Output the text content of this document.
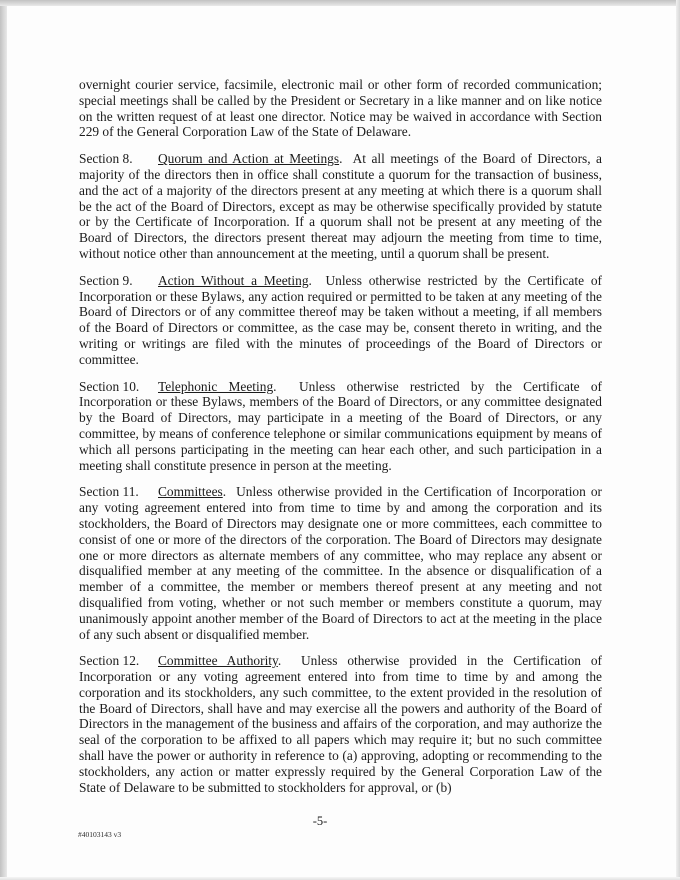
overnight courier service, facsimile, electronic mail or other form of recorded communication; special meetings shall be called by the President or Secretary in a like manner and on like notice on the written request of at least one director. Notice may be waived in accordance with Section 229 of the General Corporation Law of the State of Delaware.

Section 8. Quorum and Action at Meetings.  At all meetings of the Board of Directors, a majority of the directors then in office shall constitute a quorum for the transaction of business, and the act of a majority of the directors present at any meeting at which there is a quorum shall be the act of the Board of Directors, except as may be otherwise specifically provided by statute or by the Certificate of Incorporation. If a quorum shall not be present at any meeting of the Board of Directors, the directors present thereat may adjourn the meeting from time to time, without notice other than announcement at the meeting, until a quorum shall be present.

Section 9. Action Without a Meeting.  Unless otherwise restricted by the Certificate of Incorporation or these Bylaws, any action required or permitted to be taken at any meeting of the Board of Directors or of any committee thereof may be taken without a meeting, if all members of the Board of Directors or committee, as the case may be, consent thereto in writing, and the writing or writings are filed with the minutes of proceedings of the Board of Directors or committee.

Section 10. Telephonic Meeting.  Unless otherwise restricted by the Certificate of Incorporation or these Bylaws, members of the Board of Directors, or any committee designated by the Board of Directors, may participate in a meeting of the Board of Directors, or any committee, by means of conference telephone or similar communications equipment by means of which all persons participating in the meeting can hear each other, and such participation in a meeting shall constitute presence in person at the meeting.

Section 11. Committees.  Unless otherwise provided in the Certification of Incorporation or any voting agreement entered into from time to time by and among the corporation and its stockholders, the Board of Directors may designate one or more committees, each committee to consist of one or more of the directors of the corporation. The Board of Directors may designate one or more directors as alternate members of any committee, who may replace any absent or disqualified member at any meeting of the committee. In the absence or disqualification of a member of a committee, the member or members thereof present at any meeting and not disqualified from voting, whether or not such member or members constitute a quorum, may unanimously appoint another member of the Board of Directors to act at the meeting in the place of any such absent or disqualified member.

Section 12. Committee Authority.  Unless otherwise provided in the Certification of Incorporation or any voting agreement entered into from time to time by and among the corporation and its stockholders, any such committee, to the extent provided in the resolution of the Board of Directors, shall have and may exercise all the powers and authority of the Board of Directors in the management of the business and affairs of the corporation, and may authorize the seal of the corporation to be affixed to all papers which may require it; but no such committee shall have the power or authority in reference to (a) approving, adopting or recommending to the stockholders, any action or matter expressly required by the General Corporation Law of the State of Delaware to be submitted to stockholders for approval, or (b)

-5-
#40103143 v3
